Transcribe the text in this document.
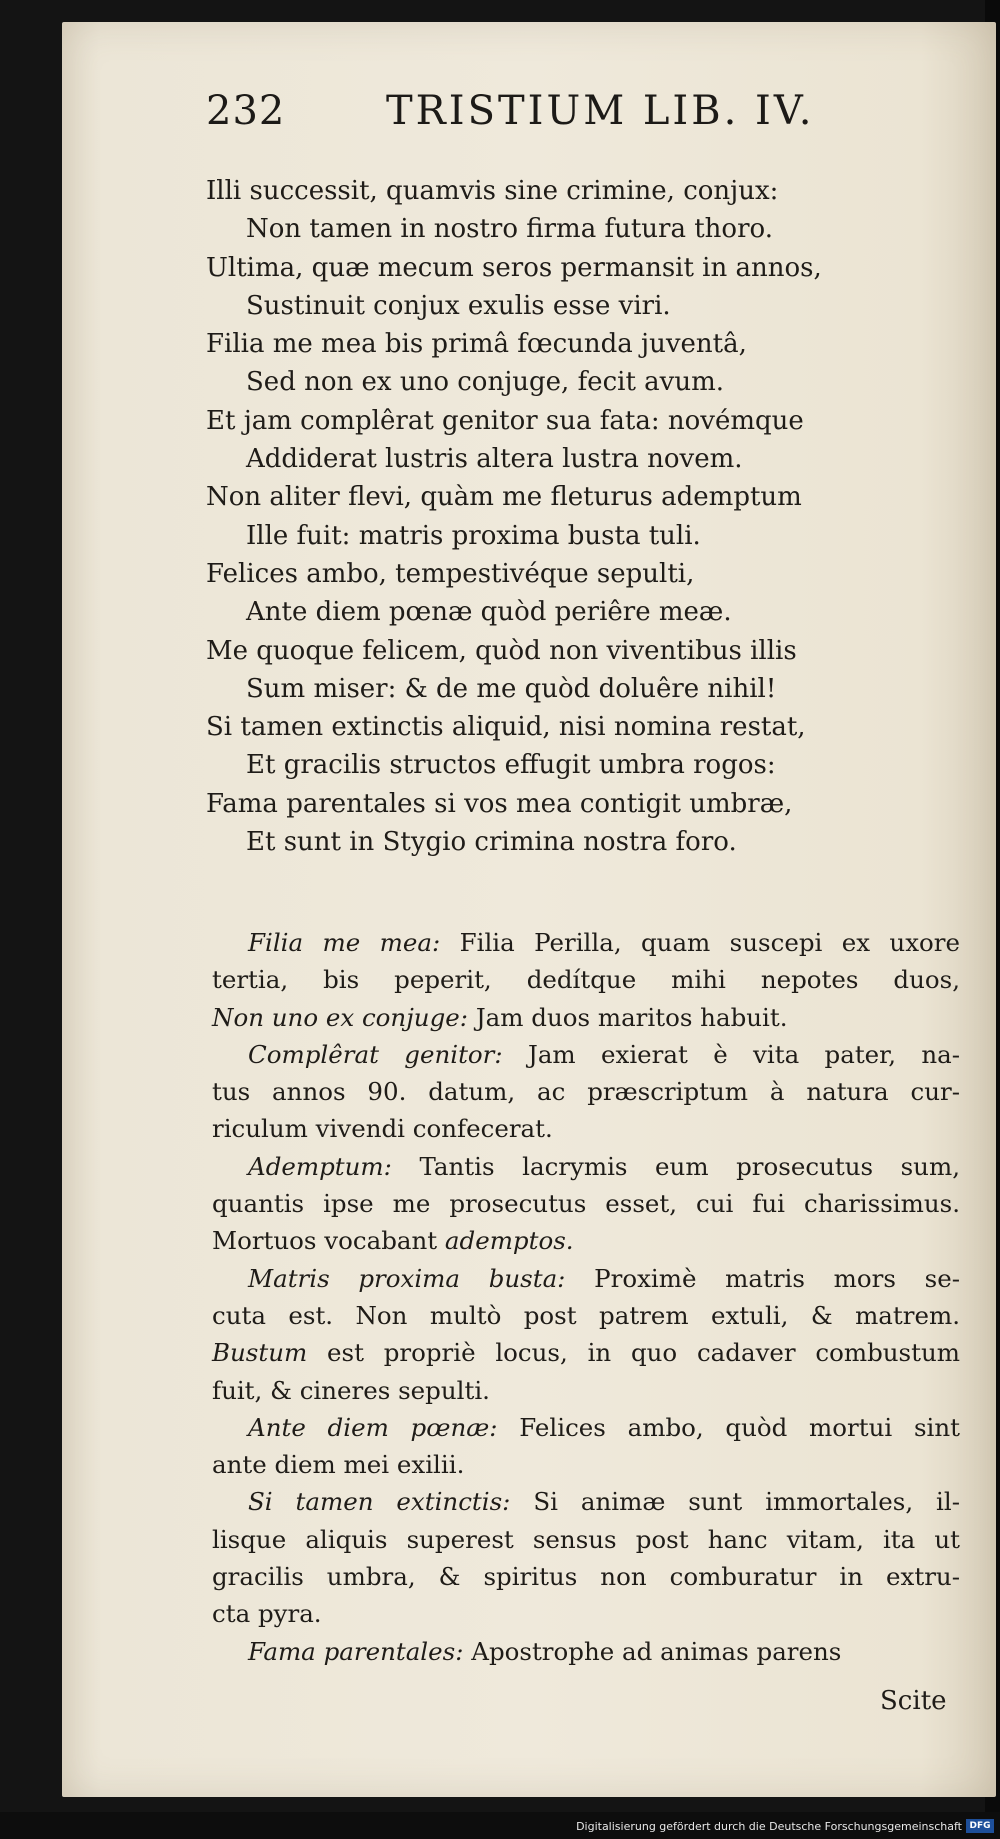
232	TRISTIUM LIB. IV.
Illi successit, quamvis sine crimine, conjux:
Non tamen in nostro firma futura thoro.
Ultima, quæ mecum seros permansit in annos,
Sustinuit conjux exulis esse viri.
Filia me mea bis primâ fœcunda juventâ,
Sed non ex uno conjuge, fecit avum.
Et jam complêrat genitor sua fata: novémque
Addiderat lustris altera lustra novem.
Non aliter flevi, quàm me fleturus ademptum
Ille fuit: matris proxima busta tuli.
Felices ambo, tempestivéque sepulti,
Ante diem pœnæ quòd periêre meæ.
Me quoque felicem, quòd non viventibus illis
Sum miser: & de me quòd doluêre nihil!
Si tamen extinctis aliquid, nisi nomina restat,
Et gracilis structos effugit umbra rogos:
Fama parentales si vos mea contigit umbræ,
Et sunt in Stygio crimina nostra foro.
Filia me mea: Filia Perilla, quam suscepi ex uxore
tertia, bis peperit, dedítque mihi nepotes duos,
Non uno ex conjuge: Jam duos maritos habuit.
Complêrat genitor: Jam exierat è vita pater, na-
tus annos 90. datum, ac præscriptum à natura cur-
riculum vivendi confecerat.
Ademptum: Tantis lacrymis eum prosecutus sum,
quantis ipse me prosecutus esset, cui fui charissimus.
Mortuos vocabant ademptos.
Matris proxima busta: Proximè matris mors se-
cuta est. Non multò post patrem extuli, & matrem.
Bustum est propriè locus, in quo cadaver combustum
fuit, & cineres sepulti.
Ante diem pœnæ: Felices ambo, quòd mortui sint
ante diem mei exilii.
Si tamen extinctis: Si animæ sunt immortales, il-
lisque aliquis superest sensus post hanc vitam, ita ut
gracilis umbra, & spiritus non comburatur in extru-
cta pyra.
Fama parentales: Apostrophe ad animas parens
Scite
Digitalisierung gefördert durch die Deutsche Forschungsgemeinschaft DFG
